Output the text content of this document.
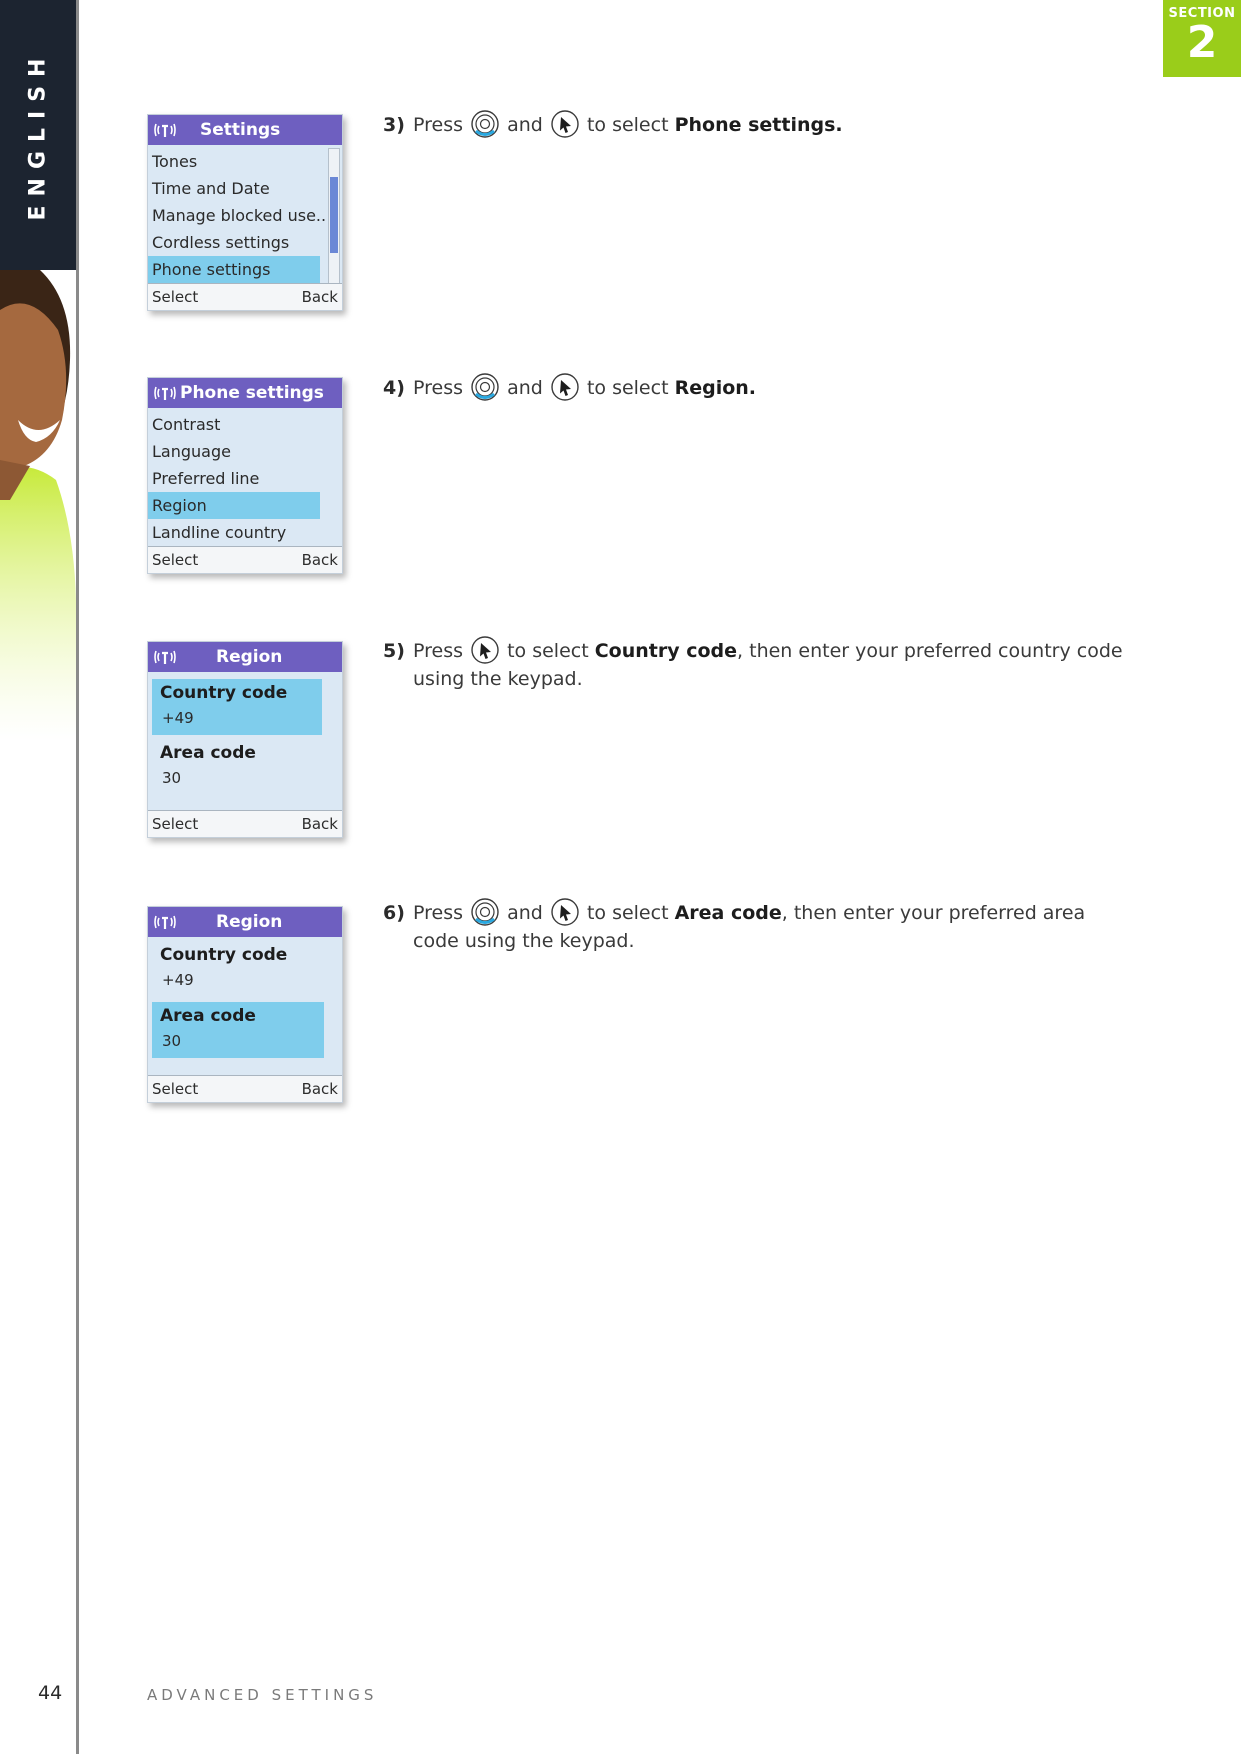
ENGLISH
SECTION
2
Settings
Tones
Time and Date
Manage blocked use..
Cordless settings
Phone settings
Select	Back
Phone settings
Contrast
Language
Preferred line
Region
Landline country
Select	Back
Region
Country code
+49
Area code
30
Select	Back
Region
Country code
+49
Area code
30
Select	Back
3) Press and to select Phone settings.
4) Press and to select Region.
5) Press to select Country code, then enter your preferred country code using the keypad.
6) Press and to select Area code, then enter your preferred area code using the keypad.
44	ADVANCED SETTINGS
